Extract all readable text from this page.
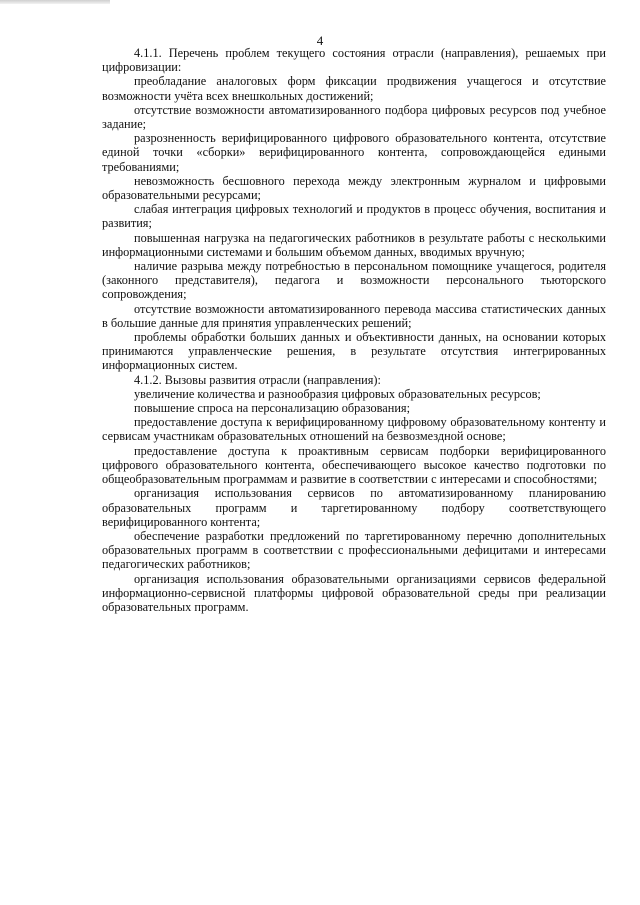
4

4.1.1. Перечень проблем текущего состояния отрасли (направления), решаемых при цифровизации:

преобладание аналоговых форм фиксации продвижения учащегося и отсутствие возможности учёта всех внешкольных достижений;

отсутствие возможности автоматизированного подбора цифровых ресурсов под учебное задание;

разрозненность верифицированного цифрового образовательного контента, отсутствие единой точки «сборки» верифицированного контента, сопровождающейся едиными требованиями;

невозможность бесшовного перехода между электронным журналом и цифровыми образовательными ресурсами;

слабая интеграция цифровых технологий и продуктов в процесс обучения, воспитания и развития;

повышенная нагрузка на педагогических работников в результате работы с несколькими информационными системами и большим объемом данных, вводимых вручную;

наличие разрыва между потребностью в персональном помощнике учащегося, родителя (законного представителя), педагога и возможности персонального тьюторского сопровождения;

отсутствие возможности автоматизированного перевода массива статистических данных в большие данные для принятия управленческих решений;

проблемы обработки больших данных и объективности данных, на основании которых принимаются управленческие решения, в результате отсутствия интегрированных информационных систем.

4.1.2. Вызовы развития отрасли (направления):

увеличение количества и разнообразия цифровых образовательных ресурсов;

повышение спроса на персонализацию образования;

предоставление доступа к верифицированному цифровому образовательному контенту и сервисам участникам образовательных отношений на безвозмездной основе;

предоставление доступа к проактивным сервисам подборки верифицированного цифрового образовательного контента, обеспечивающего высокое качество подготовки по общеобразовательным программам и развитие в соответствии с интересами и способностями;

организация использования сервисов по автоматизированному планированию образовательных программ и таргетированному подбору соответствующего верифицированного контента;

обеспечение разработки предложений по таргетированному перечню дополнительных образовательных программ в соответствии с профессиональными дефицитами и интересами педагогических работников;

организация использования образовательными организациями сервисов федеральной информационно-сервисной платформы цифровой образовательной среды при реализации образовательных программ.
